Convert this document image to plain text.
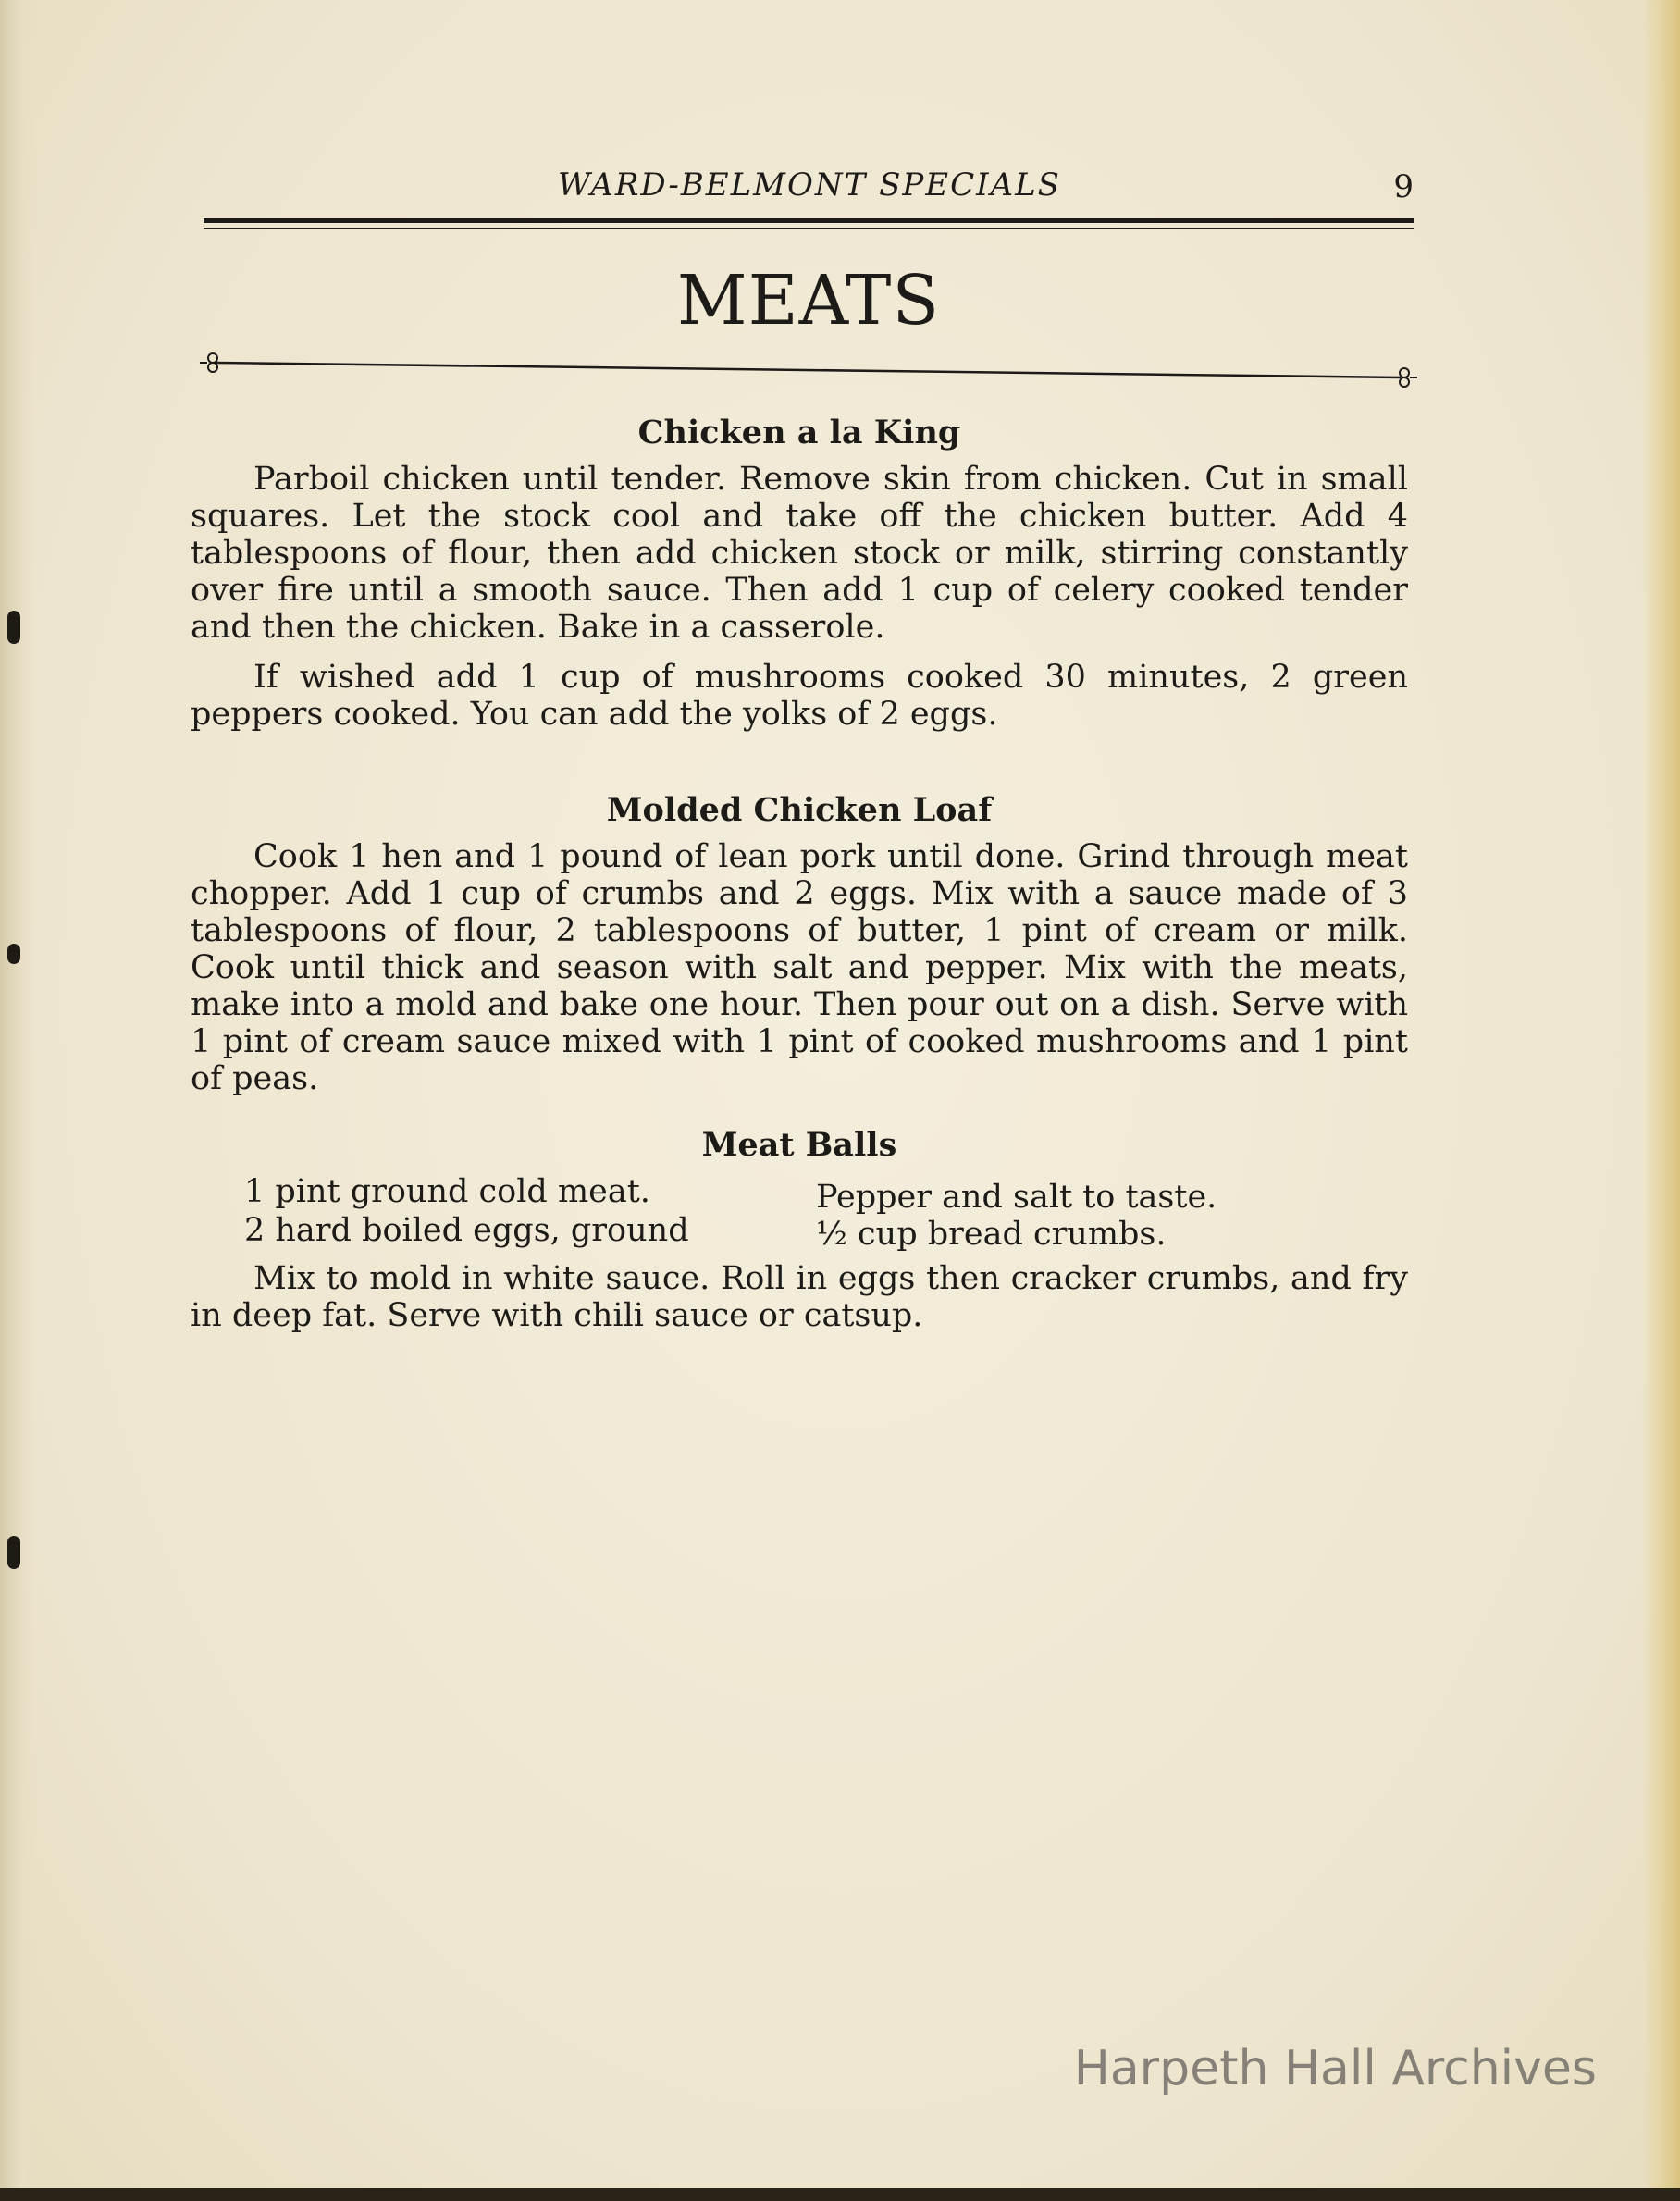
WARD-BELMONT SPECIALS	9
MEATS
Chicken a la King

Parboil chicken until tender. Remove skin from chicken. Cut in small squares. Let the stock cool and take off the chicken butter. Add 4 tablespoons of flour, then add chicken stock or milk, stirring constantly over fire until a smooth sauce. Then add 1 cup of celery cooked tender and then the chicken. Bake in a casserole.

If wished add 1 cup of mushrooms cooked 30 minutes, 2 green peppers cooked. You can add the yolks of 2 eggs.

Molded Chicken Loaf

Cook 1 hen and 1 pound of lean pork until done. Grind through meat chopper. Add 1 cup of crumbs and 2 eggs. Mix with a sauce made of 3 tablespoons of flour, 2 tablespoons of butter, 1 pint of cream or milk. Cook until thick and season with salt and pepper. Mix with the meats, make into a mold and bake one hour. Then pour out on a dish. Serve with 1 pint of cream sauce mixed with 1 pint of cooked mushrooms and 1 pint of peas.

Meat Balls
1 pint ground cold meat.	Pepper and salt to taste.
2 hard boiled eggs, ground	½ cup bread crumbs.

Mix to mold in white sauce. Roll in eggs then cracker crumbs, and fry in deep fat. Serve with chili sauce or catsup.

Harpeth Hall Archives
